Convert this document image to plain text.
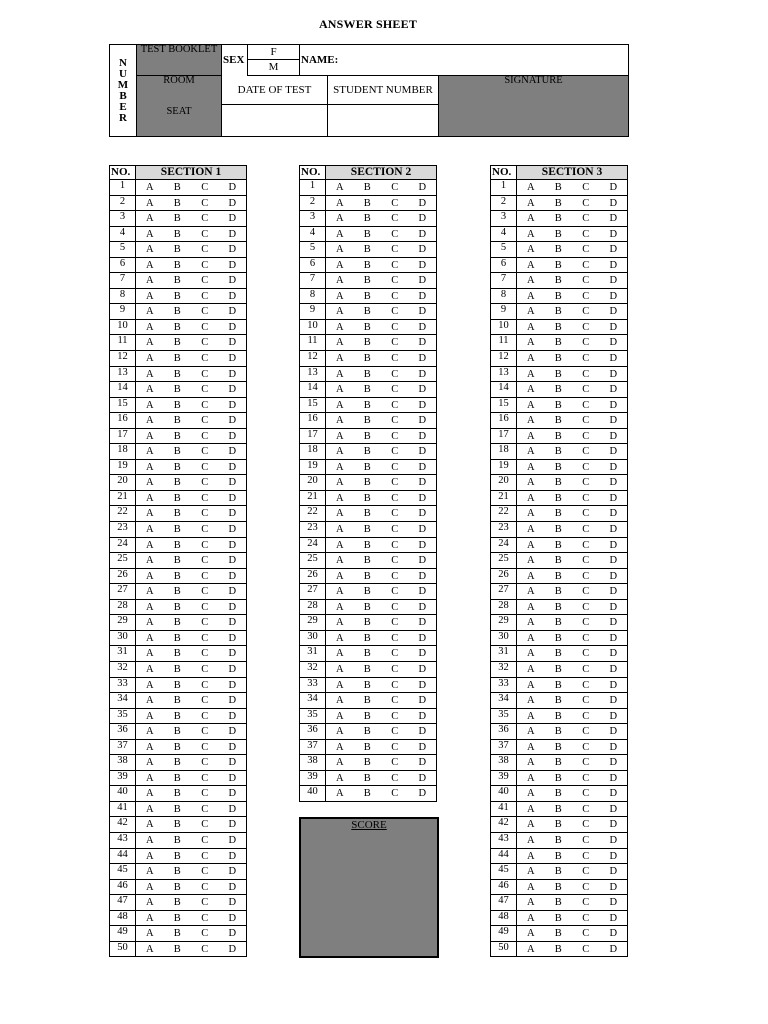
ANSWER SHEET
N
U
M
B
E
R
TEST BOOKLET
ROOM
SEAT
SEX
F
M
NAME:
DATE OF TEST	STUDENT NUMBER
SIGNATURE
NO.	SECTION 1
1	A	B	C	D
2	A	B	C	D
3	A	B	C	D
4	A	B	C	D
5	A	B	C	D
6	A	B	C	D
7	A	B	C	D
8	A	B	C	D
9	A	B	C	D
10	A	B	C	D
11	A	B	C	D
12	A	B	C	D
13	A	B	C	D
14	A	B	C	D
15	A	B	C	D
16	A	B	C	D
17	A	B	C	D
18	A	B	C	D
19	A	B	C	D
20	A	B	C	D
21	A	B	C	D
22	A	B	C	D
23	A	B	C	D
24	A	B	C	D
25	A	B	C	D
26	A	B	C	D
27	A	B	C	D
28	A	B	C	D
29	A	B	C	D
30	A	B	C	D
31	A	B	C	D
32	A	B	C	D
33	A	B	C	D
34	A	B	C	D
35	A	B	C	D
36	A	B	C	D
37	A	B	C	D
38	A	B	C	D
39	A	B	C	D
40	A	B	C	D
41	A	B	C	D
42	A	B	C	D
43	A	B	C	D
44	A	B	C	D
45	A	B	C	D
46	A	B	C	D
47	A	B	C	D
48	A	B	C	D
49	A	B	C	D
50	A	B	C	D
NO.	SECTION 2
1	A	B	C	D
2	A	B	C	D
3	A	B	C	D
4	A	B	C	D
5	A	B	C	D
6	A	B	C	D
7	A	B	C	D
8	A	B	C	D
9	A	B	C	D
10	A	B	C	D
11	A	B	C	D
12	A	B	C	D
13	A	B	C	D
14	A	B	C	D
15	A	B	C	D
16	A	B	C	D
17	A	B	C	D
18	A	B	C	D
19	A	B	C	D
20	A	B	C	D
21	A	B	C	D
22	A	B	C	D
23	A	B	C	D
24	A	B	C	D
25	A	B	C	D
26	A	B	C	D
27	A	B	C	D
28	A	B	C	D
29	A	B	C	D
30	A	B	C	D
31	A	B	C	D
32	A	B	C	D
33	A	B	C	D
34	A	B	C	D
35	A	B	C	D
36	A	B	C	D
37	A	B	C	D
38	A	B	C	D
39	A	B	C	D
40	A	B	C	D
NO.	SECTION 3
1	A	B	C	D
2	A	B	C	D
3	A	B	C	D
4	A	B	C	D
5	A	B	C	D
6	A	B	C	D
7	A	B	C	D
8	A	B	C	D
9	A	B	C	D
10	A	B	C	D
11	A	B	C	D
12	A	B	C	D
13	A	B	C	D
14	A	B	C	D
15	A	B	C	D
16	A	B	C	D
17	A	B	C	D
18	A	B	C	D
19	A	B	C	D
20	A	B	C	D
21	A	B	C	D
22	A	B	C	D
23	A	B	C	D
24	A	B	C	D
25	A	B	C	D
26	A	B	C	D
27	A	B	C	D
28	A	B	C	D
29	A	B	C	D
30	A	B	C	D
31	A	B	C	D
32	A	B	C	D
33	A	B	C	D
34	A	B	C	D
35	A	B	C	D
36	A	B	C	D
37	A	B	C	D
38	A	B	C	D
39	A	B	C	D
40	A	B	C	D
41	A	B	C	D
42	A	B	C	D
43	A	B	C	D
44	A	B	C	D
45	A	B	C	D
46	A	B	C	D
47	A	B	C	D
48	A	B	C	D
49	A	B	C	D
50	A	B	C	D
SCORE
